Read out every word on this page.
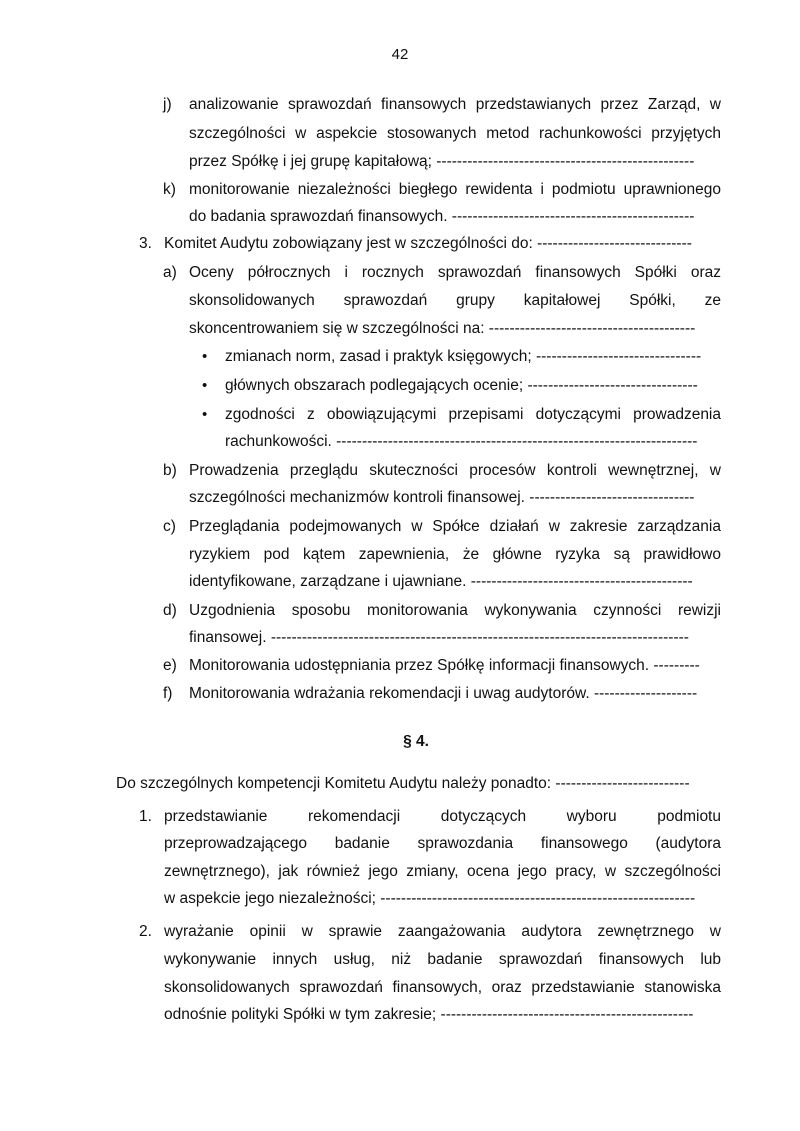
42
j) analizowanie sprawozdań finansowych przedstawianych przez Zarząd, w
szczególności w aspekcie stosowanych metod rachunkowości przyjętych
przez Spółkę i jej grupę kapitałową; --------------------------------------------------
k) monitorowanie niezależności biegłego rewidenta i podmiotu uprawnionego
do badania sprawozdań finansowych. -----------------------------------------------
3. Komitet Audytu zobowiązany jest w szczególności do: ------------------------------
a) Oceny półrocznych i rocznych sprawozdań finansowych Spółki oraz
skonsolidowanych sprawozdań grupy kapitałowej Spółki, ze
skoncentrowaniem się w szczególności na: ----------------------------------------
• zmianach norm, zasad i praktyk księgowych; --------------------------------
• głównych obszarach podlegających ocenie; ---------------------------------
• zgodności z obowiązującymi przepisami dotyczącymi prowadzenia
rachunkowości. ----------------------------------------------------------------------
b) Prowadzenia przeglądu skuteczności procesów kontroli wewnętrznej, w
szczególności mechanizmów kontroli finansowej. --------------------------------
c) Przeglądania podejmowanych w Spółce działań w zakresie zarządzania
ryzykiem pod kątem zapewnienia, że główne ryzyka są prawidłowo
identyfikowane, zarządzane i ujawniane. -------------------------------------------
d) Uzgodnienia sposobu monitorowania wykonywania czynności rewizji
finansowej. ---------------------------------------------------------------------------------
e) Monitorowania udostępniania przez Spółkę informacji finansowych. ---------
f) Monitorowania wdrażania rekomendacji i uwag audytorów. --------------------
§ 4.
Do szczególnych kompetencji Komitetu Audytu należy ponadto: --------------------------
1. przedstawianie rekomendacji dotyczących wyboru podmiotu
przeprowadzającego badanie sprawozdania finansowego (audytora
zewnętrznego), jak również jego zmiany, ocena jego pracy, w szczególności
w aspekcie jego niezależności; -------------------------------------------------------------
2. wyrażanie opinii w sprawie zaangażowania audytora zewnętrznego w
wykonywanie innych usług, niż badanie sprawozdań finansowych lub
skonsolidowanych sprawozdań finansowych, oraz przedstawianie stanowiska
odnośnie polityki Spółki w tym zakresie; -------------------------------------------------
